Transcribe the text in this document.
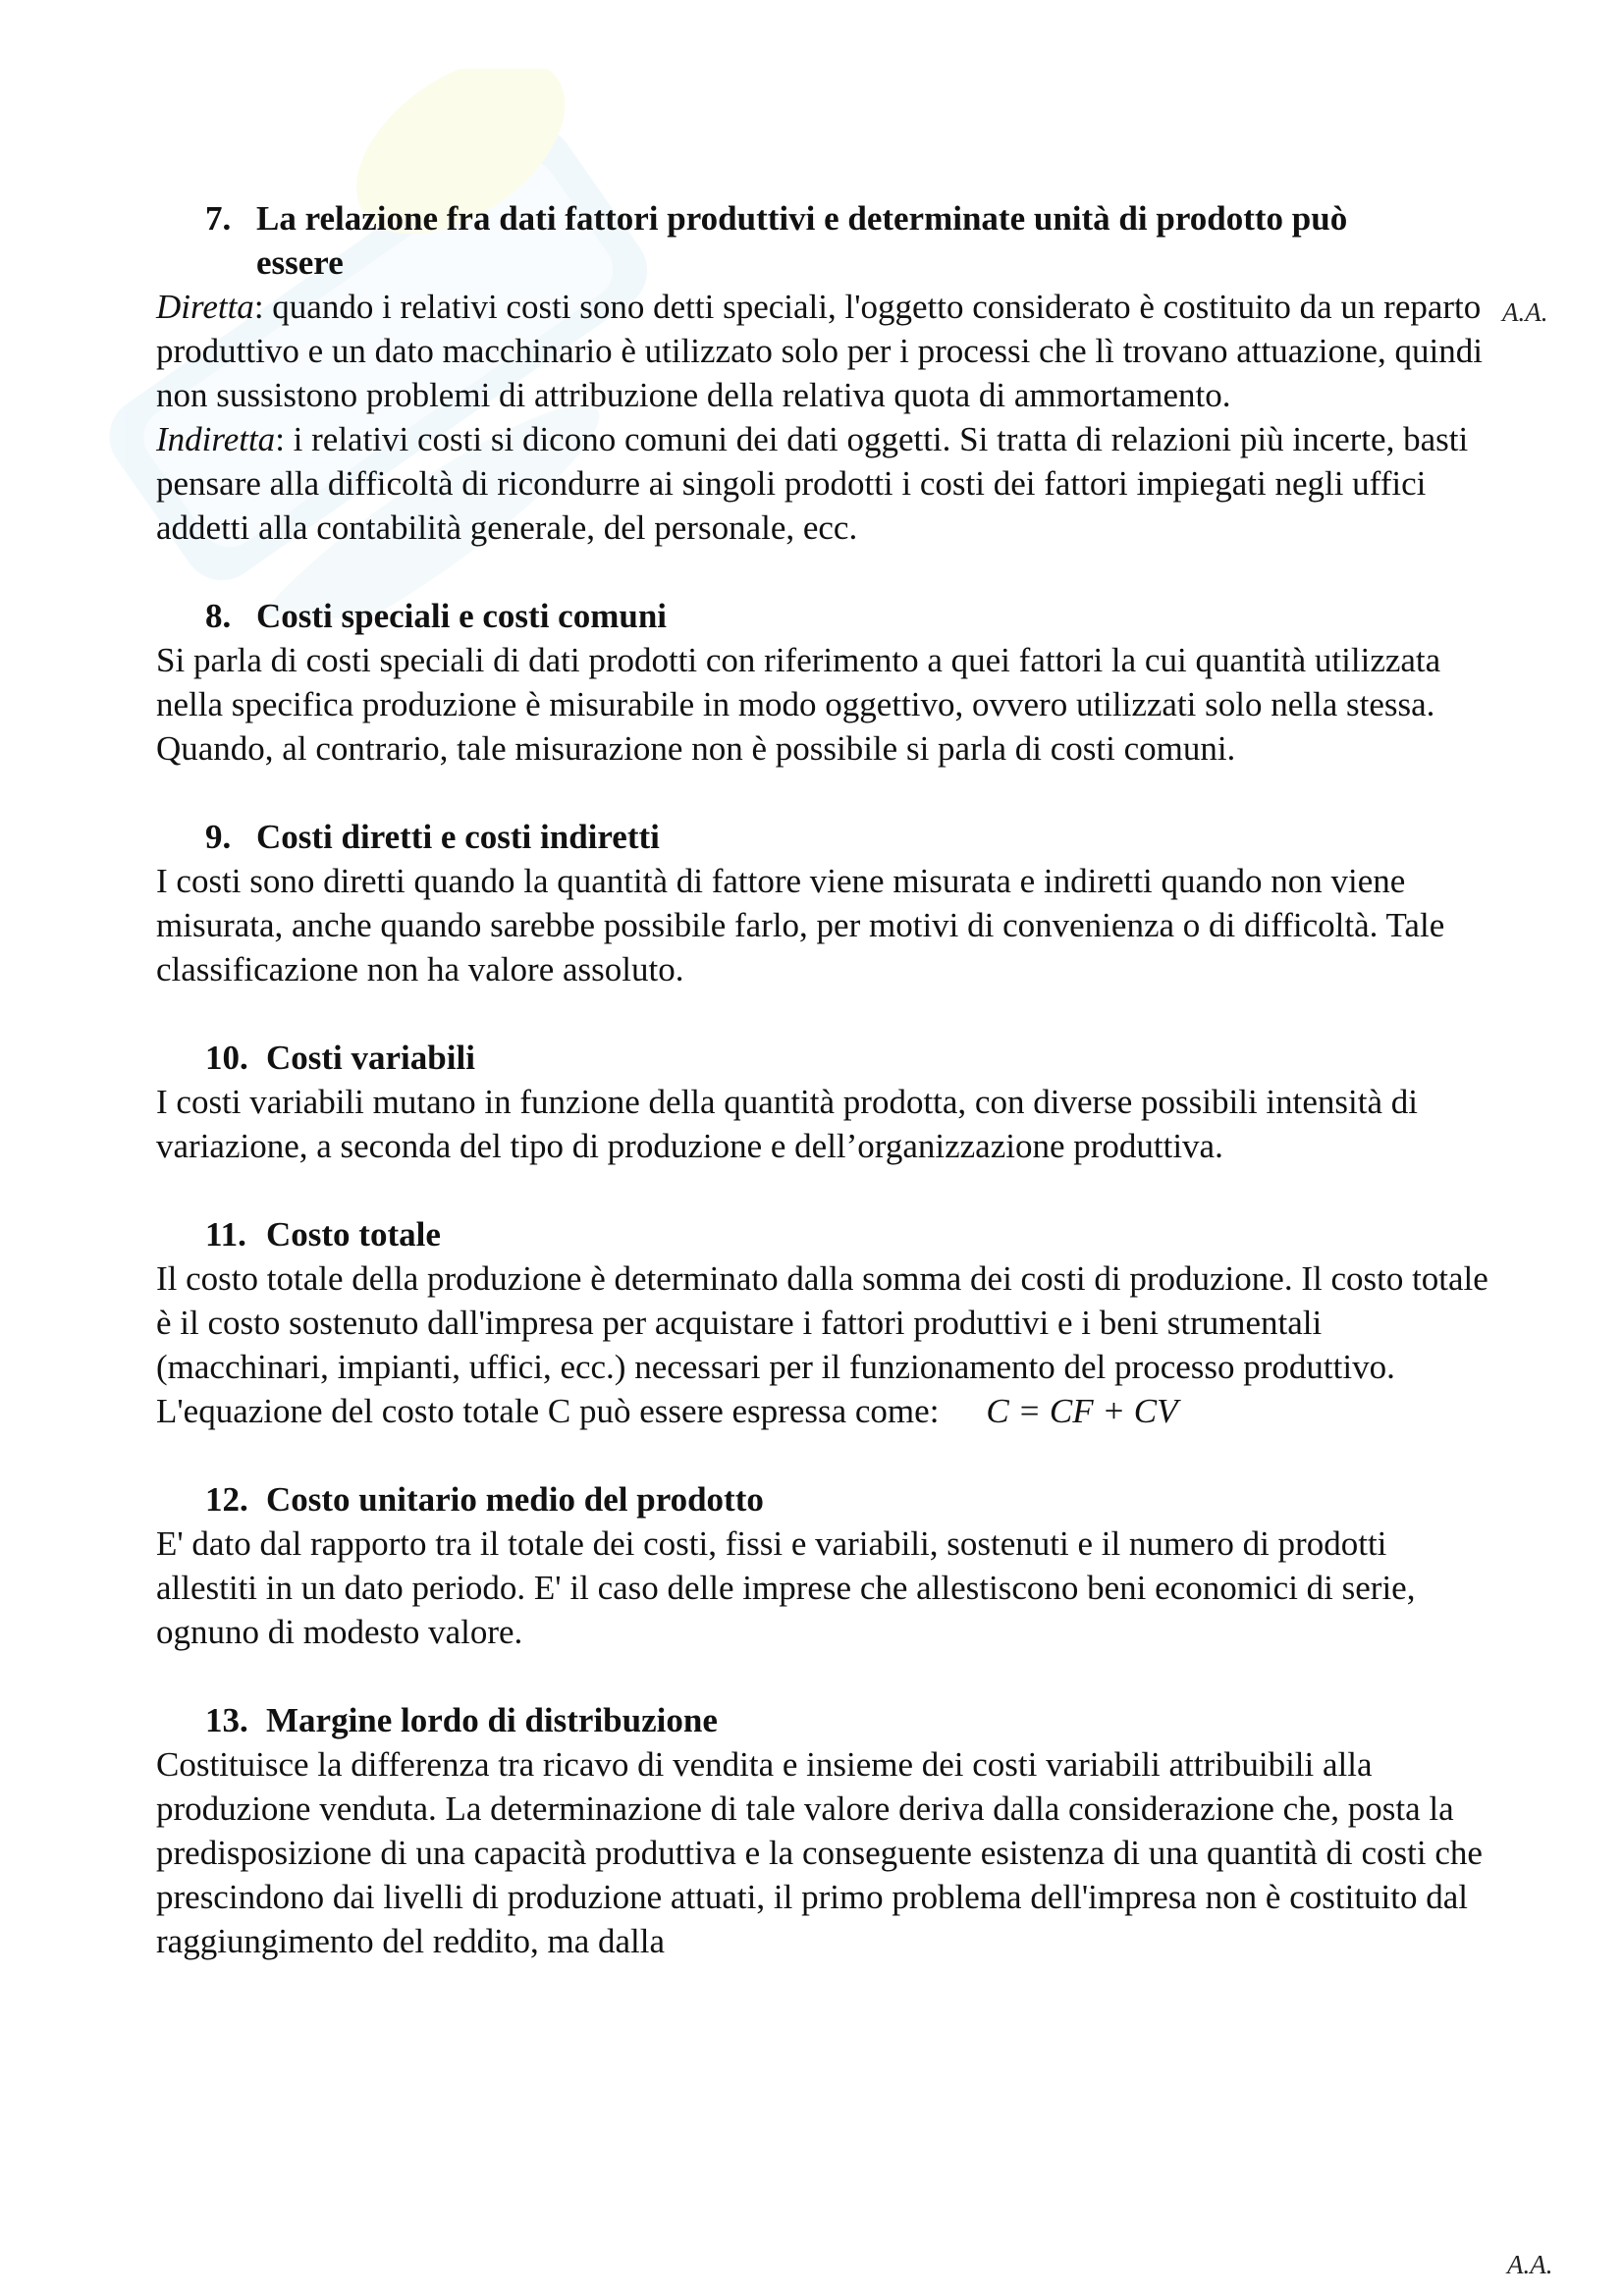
A.A.
A.A.
7. La relazione fra dati fattori produttivi e determinate unità di prodotto può
essere

Diretta: quando i relativi costi sono detti speciali, l'oggetto considerato è costituito da un reparto produttivo e un dato macchinario è utilizzato solo per i processi che lì trovano attuazione, quindi non sussistono problemi di attribuzione della relativa quota di ammortamento.

Indiretta: i relativi costi si dicono comuni dei dati oggetti. Si tratta di relazioni più incerte, basti pensare alla difficoltà di ricondurre ai singoli prodotti i costi dei fattori impiegati negli uffici addetti alla contabilità generale, del personale, ecc.

8. Costi speciali e costi comuni

Si parla di costi speciali di dati prodotti con riferimento a quei fattori la cui quantità utilizzata nella specifica produzione è misurabile in modo oggettivo, ovvero utilizzati solo nella stessa. Quando, al contrario, tale misurazione non è possibile si parla di costi comuni.

9. Costi diretti e costi indiretti

I costi sono diretti quando la quantità di fattore viene misurata e indiretti quando non viene misurata, anche quando sarebbe possibile farlo, per motivi di convenienza o di difficoltà. Tale classificazione non ha valore assoluto.

10. Costi variabili

I costi variabili mutano in funzione della quantità prodotta, con diverse possibili intensità di variazione, a seconda del tipo di produzione e dell’organizzazione produttiva.

11. Costo totale

Il costo totale della produzione è determinato dalla somma dei costi di produzione. Il costo totale è il costo sostenuto dall'impresa per acquistare i fattori produttivi e i beni strumentali (macchinari, impianti, uffici, ecc.) necessari per il funzionamento del processo produttivo.

L'equazione del costo totale C può essere espressa come: C = CF + CV

12. Costo unitario medio del prodotto

E' dato dal rapporto tra il totale dei costi, fissi e variabili, sostenuti e il numero di prodotti allestiti in un dato periodo. E' il caso delle imprese che allestiscono beni economici di serie, ognuno di modesto valore.

13. Margine lordo di distribuzione

Costituisce la differenza tra ricavo di vendita e insieme dei costi variabili attribuibili alla produzione venduta. La determinazione di tale valore deriva dalla considerazione che, posta la predisposizione di una capacità produttiva e la conseguente esistenza di una quantità di costi che prescindono dai livelli di produzione attuati, il primo problema dell'impresa non è costituito dal raggiungimento del reddito, ma dalla
